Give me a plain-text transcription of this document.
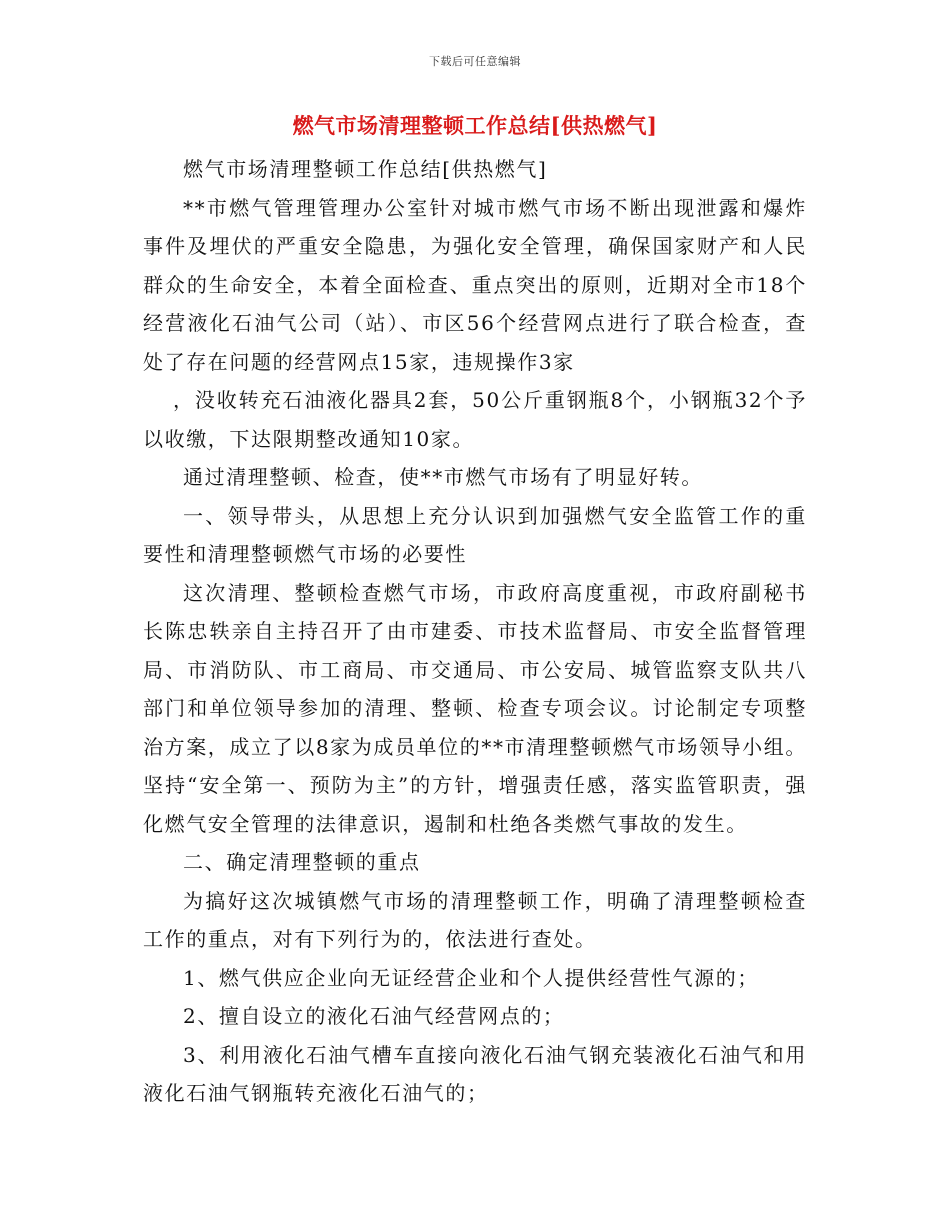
下载后可任意编辑
燃气市场清理整顿工作总结[供热燃气]

燃气市场清理整顿工作总结[供热燃气]

**市燃气管理管理办公室针对城市燃气市场不断出现泄露和爆炸事件及埋伏的严重安全隐患，为强化安全管理，确保国家财产和人民群众的生命安全，本着全面检查、重点突出的原则，近期对全市18个经营液化石油气公司（站）、市区56个经营网点进行了联合检查，查处了存在问题的经营网点15家，违规操作3家

，没收转充石油液化器具2套，50公斤重钢瓶8个，小钢瓶32个予以收缴，下达限期整改通知10家。

通过清理整顿、检查，使**市燃气市场有了明显好转。

一、领导带头，从思想上充分认识到加强燃气安全监管工作的重要性和清理整顿燃气市场的必要性

这次清理、整顿检查燃气市场，市政府高度重视，市政府副秘书长陈忠轶亲自主持召开了由市建委、市技术监督局、市安全监督管理局、市消防队、市工商局、市交通局、市公安局、城管监察支队共八部门和单位领导参加的清理、整顿、检查专项会议。讨论制定专项整治方案，成立了以8家为成员单位的**市清理整顿燃气市场领导小组。坚持“安全第一、预防为主”的方针，增强责任感，落实监管职责，强化燃气安全管理的法律意识，遏制和杜绝各类燃气事故的发生。

二、确定清理整顿的重点

为搞好这次城镇燃气市场的清理整顿工作，明确了清理整顿检查工作的重点，对有下列行为的，依法进行查处。

1、燃气供应企业向无证经营企业和个人提供经营性气源的；

2、擅自设立的液化石油气经营网点的；

3、利用液化石油气槽车直接向液化石油气钢充装液化石油气和用液化石油气钢瓶转充液化石油气的；
